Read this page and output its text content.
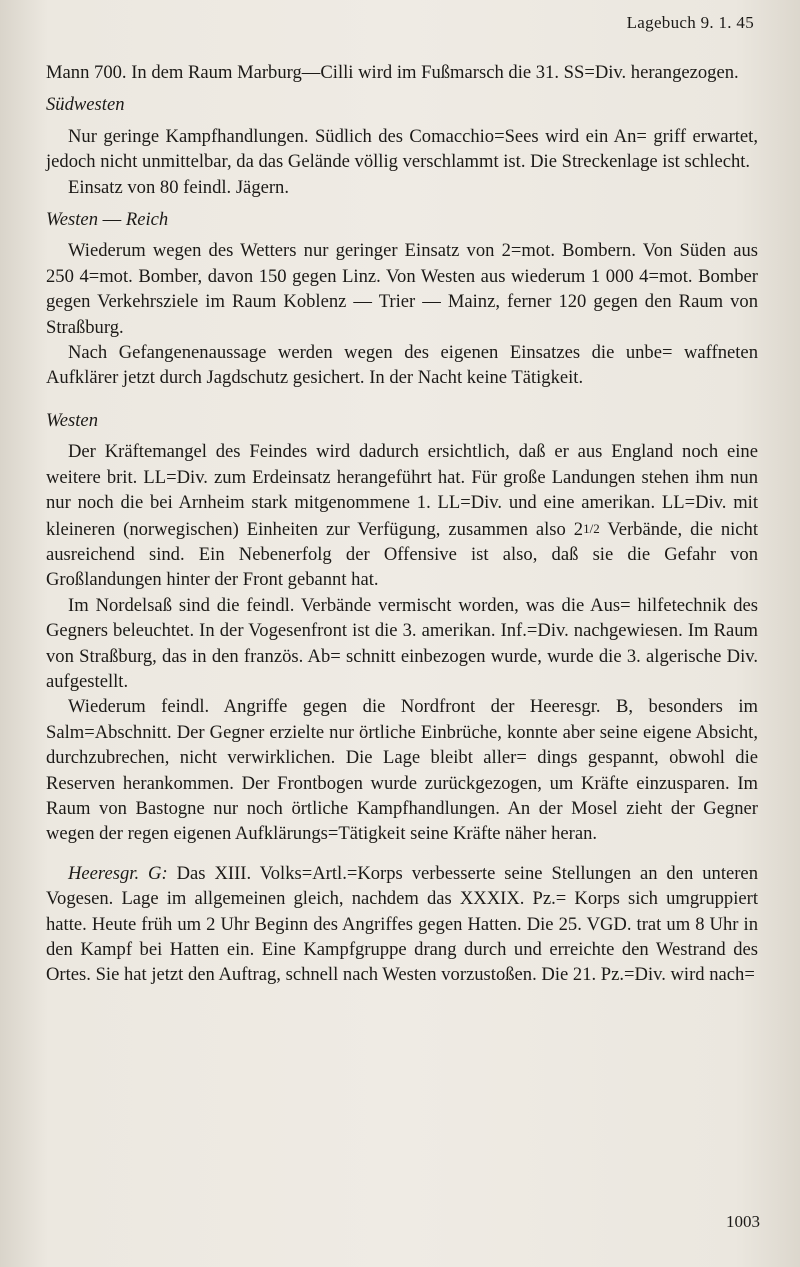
Lagebuch 9. 1. 45

Mann 700. In dem Raum Marburg—Cilli wird im Fußmarsch die 31. SS=Div. herangezogen.

Südwesten

Nur geringe Kampfhandlungen. Südlich des Comacchio=Sees wird ein An= griff erwartet, jedoch nicht unmittelbar, da das Gelände völlig verschlammt ist. Die Streckenlage ist schlecht.

Einsatz von 80 feindl. Jägern.

Westen — Reich

Wiederum wegen des Wetters nur geringer Einsatz von 2=mot. Bombern. Von Süden aus 250 4=mot. Bomber, davon 150 gegen Linz. Von Westen aus wiederum 1 000 4=mot. Bomber gegen Verkehrsziele im Raum Koblenz — Trier — Mainz, ferner 120 gegen den Raum von Straßburg.

Nach Gefangenenaussage werden wegen des eigenen Einsatzes die unbe= waffneten Aufklärer jetzt durch Jagdschutz gesichert. In der Nacht keine Tätigkeit.

Westen

Der Kräftemangel des Feindes wird dadurch ersichtlich, daß er aus England noch eine weitere brit. LL=Div. zum Erdeinsatz herangeführt hat. Für große Landungen stehen ihm nun nur noch die bei Arnheim stark mitgenommene 1. LL=Div. und eine amerikan. LL=Div. mit kleineren (norwegischen) Einheiten zur Verfügung, zusammen also 21/2 Verbände, die nicht ausreichend sind. Ein Nebenerfolg der Offensive ist also, daß sie die Gefahr von Großlandungen hinter der Front gebannt hat.

Im Nordelsaß sind die feindl. Verbände vermischt worden, was die Aus= hilfetechnik des Gegners beleuchtet. In der Vogesenfront ist die 3. amerikan. Inf.=Div. nachgewiesen. Im Raum von Straßburg, das in den französ. Ab= schnitt einbezogen wurde, wurde die 3. algerische Div. aufgestellt.

Wiederum feindl. Angriffe gegen die Nordfront der Heeresgr. B, besonders im Salm=Abschnitt. Der Gegner erzielte nur örtliche Einbrüche, konnte aber seine eigene Absicht, durchzubrechen, nicht verwirklichen. Die Lage bleibt aller= dings gespannt, obwohl die Reserven herankommen. Der Frontbogen wurde zurückgezogen, um Kräfte einzusparen. Im Raum von Bastogne nur noch örtliche Kampfhandlungen. An der Mosel zieht der Gegner wegen der regen eigenen Aufklärungs=Tätigkeit seine Kräfte näher heran.

Heeresgr. G: Das XIII. Volks=Artl.=Korps verbesserte seine Stellungen an den unteren Vogesen. Lage im allgemeinen gleich, nachdem das XXXIX. Pz.= Korps sich umgruppiert hatte. Heute früh um 2 Uhr Beginn des Angriffes gegen Hatten. Die 25. VGD. trat um 8 Uhr in den Kampf bei Hatten ein. Eine Kampfgruppe drang durch und erreichte den Westrand des Ortes. Sie hat jetzt den Auftrag, schnell nach Westen vorzustoßen. Die 21. Pz.=Div. wird nach=

1003
